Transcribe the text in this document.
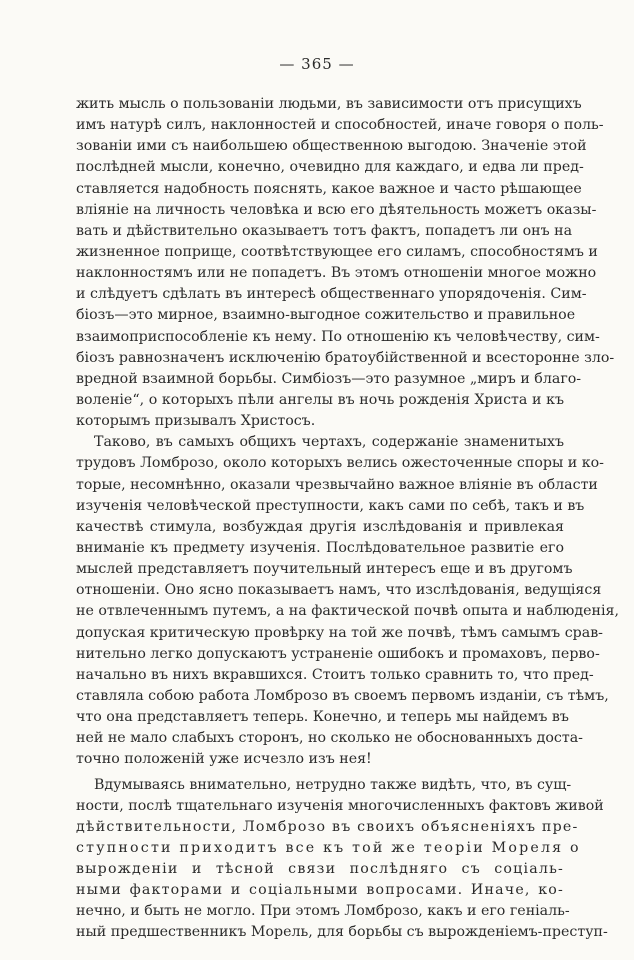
— 365 —
жить мысль о пользованіи людьми, въ зависимости отъ присущихъ
имъ натурѣ силъ, наклонностей и способностей, иначе говоря о поль-
зованіи ими съ наибольшею общественною выгодою. Значеніе этой
послѣдней мысли, конечно, очевидно для каждаго, и едва ли пред-
ставляется надобность пояснять, какое важное и часто рѣшающее
вліяніе на личность человѣка и всю его дѣятельность можетъ оказы-
вать и дѣйствительно оказываетъ тотъ фактъ, попадетъ ли онъ на
жизненное поприще, соотвѣтствующее его силамъ, способностямъ и
наклонностямъ или не попадетъ. Въ этомъ отношеніи многое можно
и слѣдуетъ сдѣлать въ интересѣ общественнаго упорядоченія. Сим-
біозъ—это мирное, взаимно-выгодное сожительство и правильное
взаимоприспособленіе къ нему. По отношенію къ человѣчеству, сим-
біозъ равнозначенъ исключенію братоубійственной и всесторонне зло-
вредной взаимной борьбы. Симбіозъ—это разумное „миръ и благо-
воленіе“, о которыхъ пѣли ангелы въ ночь рожденія Христа и къ
которымъ призывалъ Христосъ.
Таково, въ самыхъ общихъ чертахъ, содержаніе знаменитыхъ
трудовъ Ломброзо, около которыхъ велись ожесточенные споры и ко-
торые, несомнѣнно, оказали чрезвычайно важное вліяніе въ области
изученія человѣческой преступности, какъ сами по себѣ, такъ и въ
качествѣ стимула, возбуждая другія изслѣдованія и привлекая
вниманіе къ предмету изученія. Послѣдовательное развитіе его
мыслей представляетъ поучительный интересъ еще и въ другомъ
отношеніи. Оно ясно показываетъ намъ, что изслѣдованія, ведущіяся
не отвлеченнымъ путемъ, а на фактической почвѣ опыта и наблюденія,
допуская критическую провѣрку на той же почвѣ, тѣмъ самымъ срав-
нительно легко допускаютъ устраненіе ошибокъ и промаховъ, перво-
начально въ нихъ вкравшихся. Стоитъ только сравнить то, что пред-
ставляла собою работа Ломброзо въ своемъ первомъ изданіи, съ тѣмъ,
что она представляетъ теперь. Конечно, и теперь мы найдемъ въ
ней не мало слабыхъ сторонъ, но сколько не обоснованныхъ доста-
точно положеній уже исчезло изъ нея!
Вдумываясь внимательно, нетрудно также видѣть, что, въ сущ-
ности, послѣ тщательнаго изученія многочисленныхъ фактовъ живой
дѣйствительности, Ломброзо въ своихъ объясненіяхъ пре-
ступности приходитъ все къ той же теоріи Мореля о
вырожденіи и тѣсной связи послѣдняго съ соціаль-
ными факторами и соціальными вопросами. Иначе, ко-
нечно, и быть не могло. При этомъ Ломброзо, какъ и его геніаль-
ный предшественникъ Морель, для борьбы съ вырожденіемъ-преступ-
